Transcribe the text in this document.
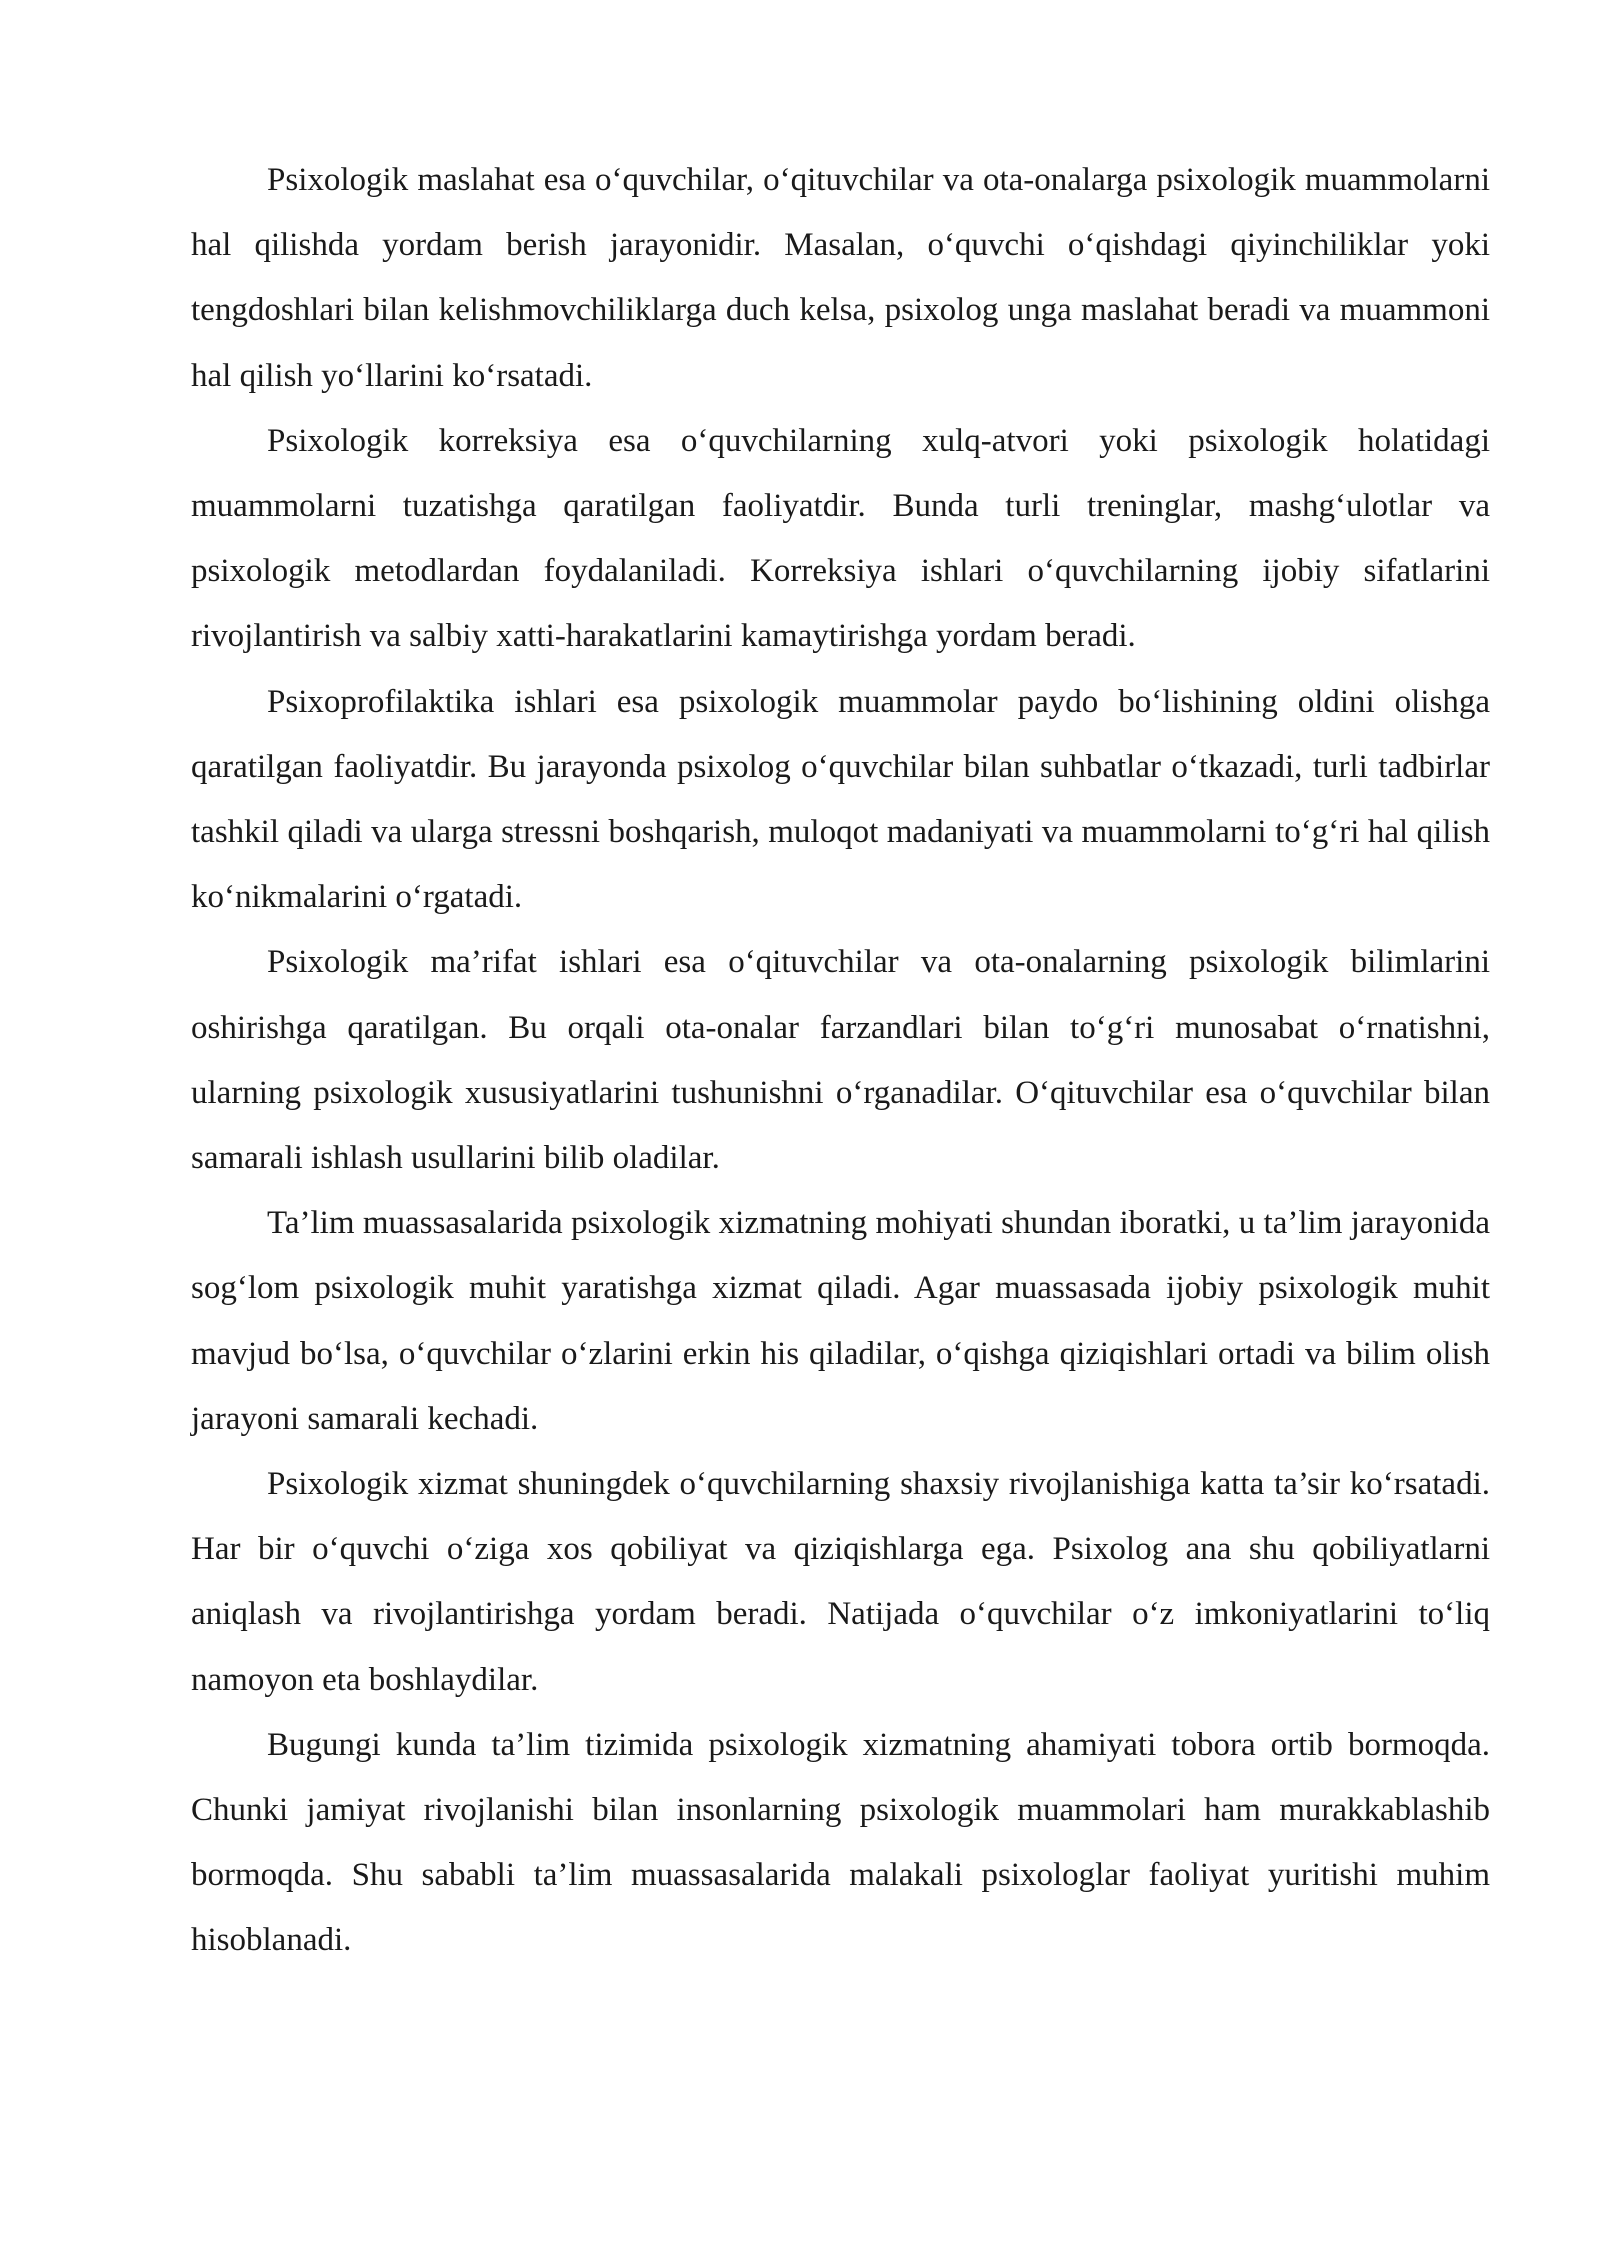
Psixologik maslahat esa o‘quvchilar, o‘qituvchilar va ota-onalarga psixologik muammolarni hal qilishda yordam berish jarayonidir. Masalan, o‘quvchi o‘qishdagi qiyinchiliklar yoki tengdoshlari bilan kelishmovchiliklarga duch kelsa, psixolog unga maslahat beradi va muammoni hal qilish yo‘llarini ko‘rsatadi.

Psixologik korreksiya esa o‘quvchilarning xulq-atvori yoki psixologik holatidagi muammolarni tuzatishga qaratilgan faoliyatdir. Bunda turli treninglar, mashg‘ulotlar va psixologik metodlardan foydalaniladi. Korreksiya ishlari o‘quvchilarning ijobiy sifatlarini rivojlantirish va salbiy xatti-harakatlarini kamaytirishga yordam beradi.

Psixoprofilaktika ishlari esa psixologik muammolar paydo bo‘lishining oldini olishga qaratilgan faoliyatdir. Bu jarayonda psixolog o‘quvchilar bilan suhbatlar o‘tkazadi, turli tadbirlar tashkil qiladi va ularga stressni boshqarish, muloqot madaniyati va muammolarni to‘g‘ri hal qilish ko‘nikmalarini o‘rgatadi.

Psixologik ma’rifat ishlari esa o‘qituvchilar va ota-onalarning psixologik bilimlarini oshirishga qaratilgan. Bu orqali ota-onalar farzandlari bilan to‘g‘ri munosabat o‘rnatishni, ularning psixologik xususiyatlarini tushunishni o‘rganadilar. O‘qituvchilar esa o‘quvchilar bilan samarali ishlash usullarini bilib oladilar.

Ta’lim muassasalarida psixologik xizmatning mohiyati shundan iboratki, u ta’lim jarayonida sog‘lom psixologik muhit yaratishga xizmat qiladi. Agar muassasada ijobiy psixologik muhit mavjud bo‘lsa, o‘quvchilar o‘zlarini erkin his qiladilar, o‘qishga qiziqishlari ortadi va bilim olish jarayoni samarali kechadi.

Psixologik xizmat shuningdek o‘quvchilarning shaxsiy rivojlanishiga katta ta’sir ko‘rsatadi. Har bir o‘quvchi o‘ziga xos qobiliyat va qiziqishlarga ega. Psixolog ana shu qobiliyatlarni aniqlash va rivojlantirishga yordam beradi. Natijada o‘quvchilar o‘z imkoniyatlarini to‘liq namoyon eta boshlaydilar.

Bugungi kunda ta’lim tizimida psixologik xizmatning ahamiyati tobora ortib bormoqda. Chunki jamiyat rivojlanishi bilan insonlarning psixologik muammolari ham murakkablashib bormoqda. Shu sababli ta’lim muassasalarida malakali psixologlar faoliyat yuritishi muhim hisoblanadi.
